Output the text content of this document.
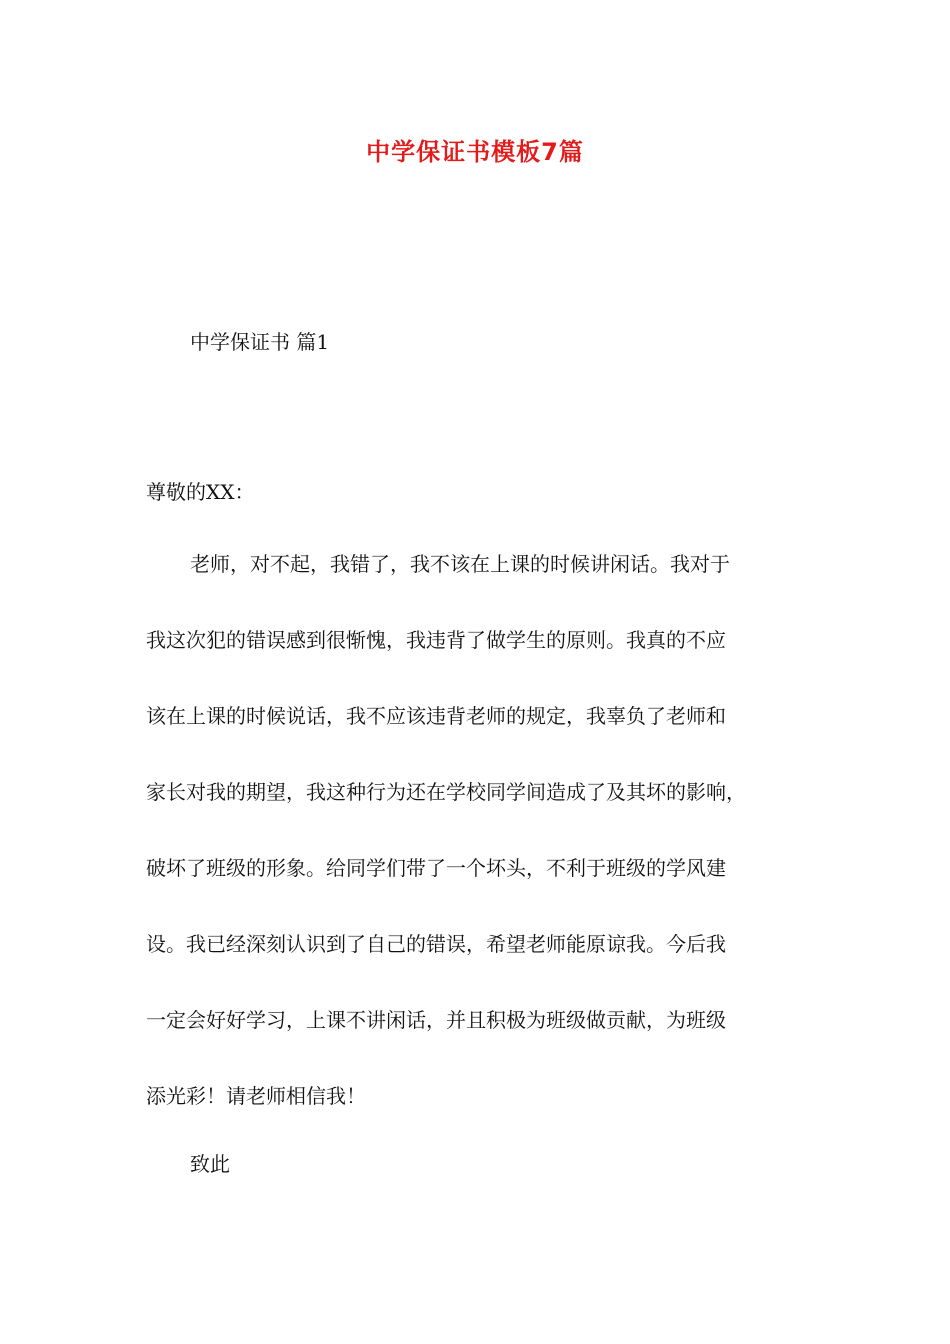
中学保证书模板7篇
中学保证书 篇1
尊敬的XX：
老师，对不起，我错了，我不该在上课的时候讲闲话。我对于
我这次犯的错误感到很惭愧，我违背了做学生的原则。我真的不应
该在上课的时候说话，我不应该违背老师的规定，我辜负了老师和
家长对我的期望，我这种行为还在学校同学间造成了及其坏的影响，
破坏了班级的形象。给同学们带了一个坏头，不利于班级的学风建
设。我已经深刻认识到了自己的错误，希望老师能原谅我。今后我
一定会好好学习，上课不讲闲话，并且积极为班级做贡献，为班级
添光彩！请老师相信我！
致此
